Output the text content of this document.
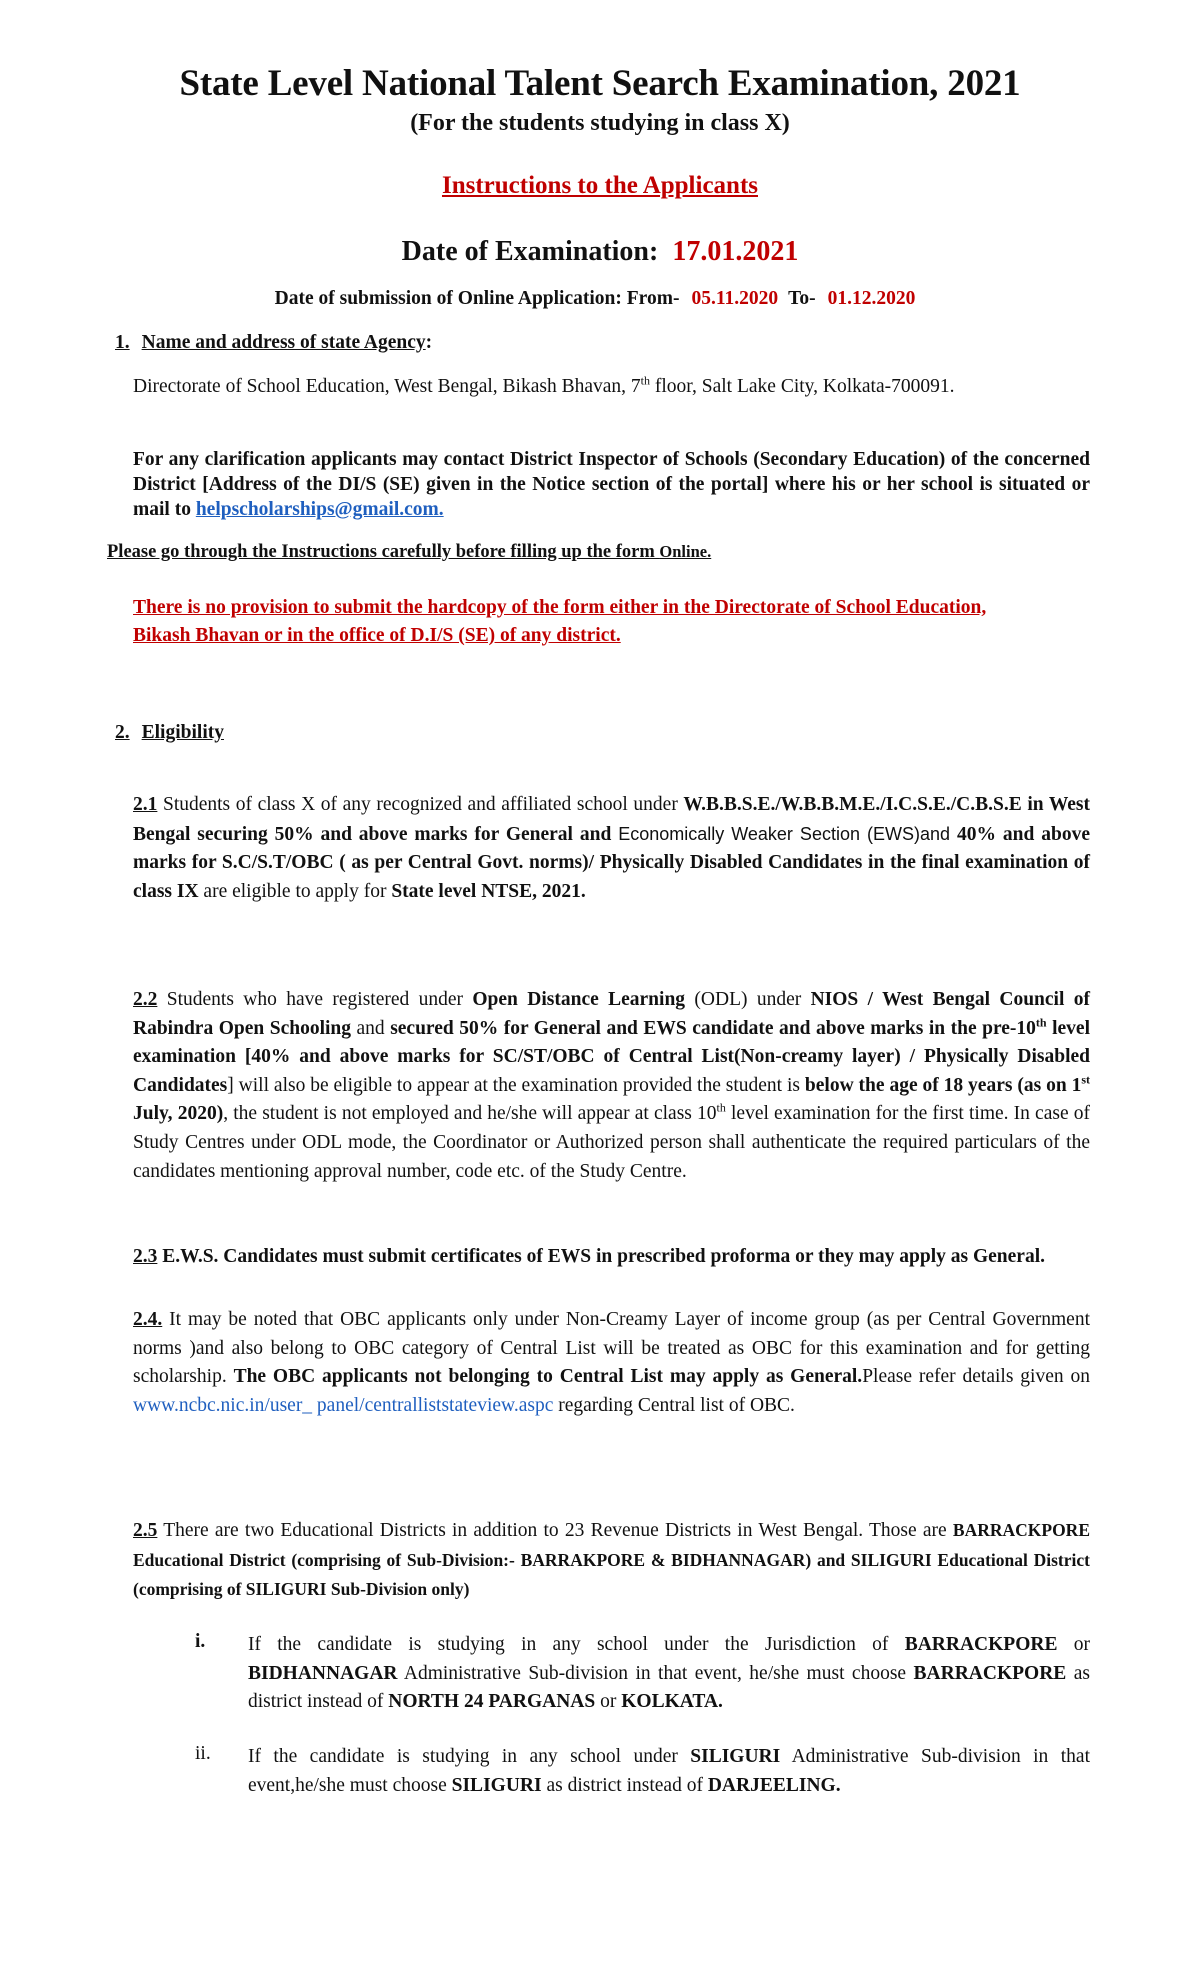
State Level National Talent Search Examination, 2021
(For the students studying in class X)
Instructions to the Applicants
Date of Examination: 17.01.2021
Date of submission of Online Application: From- 05.11.2020 To- 01.12.2020
1. Name and address of state Agency:
Directorate of School Education, West Bengal, Bikash Bhavan, 7th floor, Salt Lake City, Kolkata-700091.
For any clarification applicants may contact District Inspector of Schools (Secondary Education) of the concerned District [Address of the DI/S (SE) given in the Notice section of the portal] where his or her school is situated or mail to helpscholarships@gmail.com.
Please go through the Instructions carefully before filling up the form Online.
There is no provision to submit the hardcopy of the form either in the Directorate of School Education, Bikash Bhavan or in the office of D.I/S (SE) of any district.
2. Eligibility
2.1 Students of class X of any recognized and affiliated school under W.B.B.S.E./W.B.B.M.E./I.C.S.E./C.B.S.E in West Bengal securing 50% and above marks for General and Economically Weaker Section (EWS)and 40% and above marks for S.C/S.T/OBC ( as per Central Govt. norms)/ Physically Disabled Candidates in the final examination of class IX are eligible to apply for State level NTSE, 2021.
2.2 Students who have registered under Open Distance Learning (ODL) under NIOS / West Bengal Council of Rabindra Open Schooling and secured 50% for General and EWS candidate and above marks in the pre-10th level examination [40% and above marks for SC/ST/OBC of Central List(Non-creamy layer) / Physically Disabled Candidates] will also be eligible to appear at the examination provided the student is below the age of 18 years (as on 1st July, 2020), the student is not employed and he/she will appear at class 10th level examination for the first time. In case of Study Centres under ODL mode, the Coordinator or Authorized person shall authenticate the required particulars of the candidates mentioning approval number, code etc. of the Study Centre.
2.3 E.W.S. Candidates must submit certificates of EWS in prescribed proforma or they may apply as General.
2.4. It may be noted that OBC applicants only under Non-Creamy Layer of income group (as per Central Government norms )and also belong to OBC category of Central List will be treated as OBC for this examination and for getting scholarship. The OBC applicants not belonging to Central List may apply as General.Please refer details given on www.ncbc.nic.in/user_ panel/centralliststateview.aspc regarding Central list of OBC.
2.5 There are two Educational Districts in addition to 23 Revenue Districts in West Bengal. Those are BARRACKPORE Educational District (comprising of Sub-Division:- BARRAKPORE & BIDHANNAGAR) and SILIGURI Educational District (comprising of SILIGURI Sub-Division only)
i. If the candidate is studying in any school under the Jurisdiction of BARRACKPORE or BIDHANNAGAR Administrative Sub-division in that event, he/she must choose BARRACKPORE as district instead of NORTH 24 PARGANAS or KOLKATA.
ii. If the candidate is studying in any school under SILIGURI Administrative Sub-division in that event,he/she must choose SILIGURI as district instead of DARJEELING.
